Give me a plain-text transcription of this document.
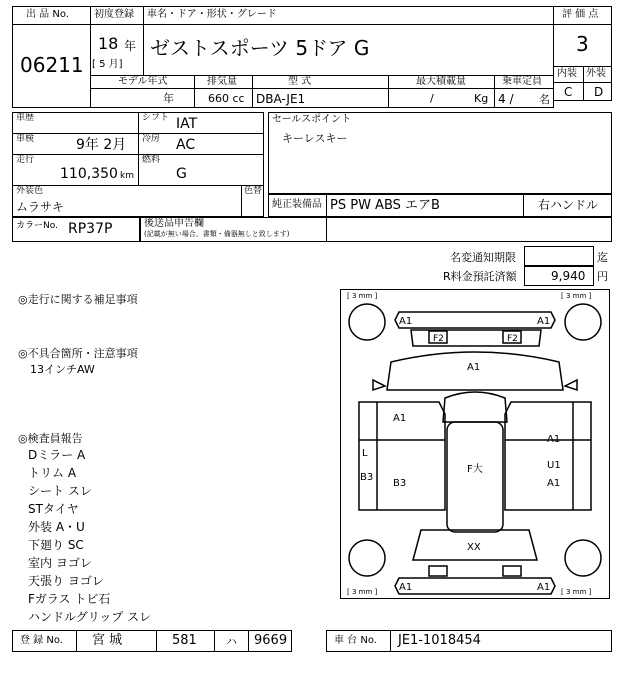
出 品 No.
06211
初度登録
18 年
[ 5 月]
車名・ドア・形状・グレード
ゼストスポーツ 5ドア G
評 価 点
3
内装 外装
C D
モデル年式	排気量	型 式	最大積載量	乗車定員
年	660 cc DBA-JE1	/	Kg 4 / 名
車歴	シフト IAT
車検	9年 2月 冷房 AC
走行
110,350 km
燃料
G
外装色
ムラサキ
色替
セールスポイント
キーレスキー
純正装備品 PS PW ABS エアB	右ハンドル
カラーNo. RP37P	後送品申告欄
(記載が無い場合、書類・備器無しと致します)
名変通知期限	迄
R料金預託済額	9,940 円
◎走行に関する補足事項
◎不具合箇所・注意事項
13インチAW
◎検査員報告
Dミラー A
トリム A
シート スレ
STタイヤ
外装 A・U
下廻り SC
室内 ヨゴレ
天張り ヨゴレ
Fガラス トビ石
ハンドルグリップ スレ
[ 3 mm ]	[ 3 mm ]
[ 3 mm ]	[ 3 mm ]
A1	A1
F2	F2
A1
A1
L
B3
B3
F大
A1
U1
A1
XX
A1	A1
登 録 No. 宮 城	581	ハ 9669	車 台 No. JE1-1018454
